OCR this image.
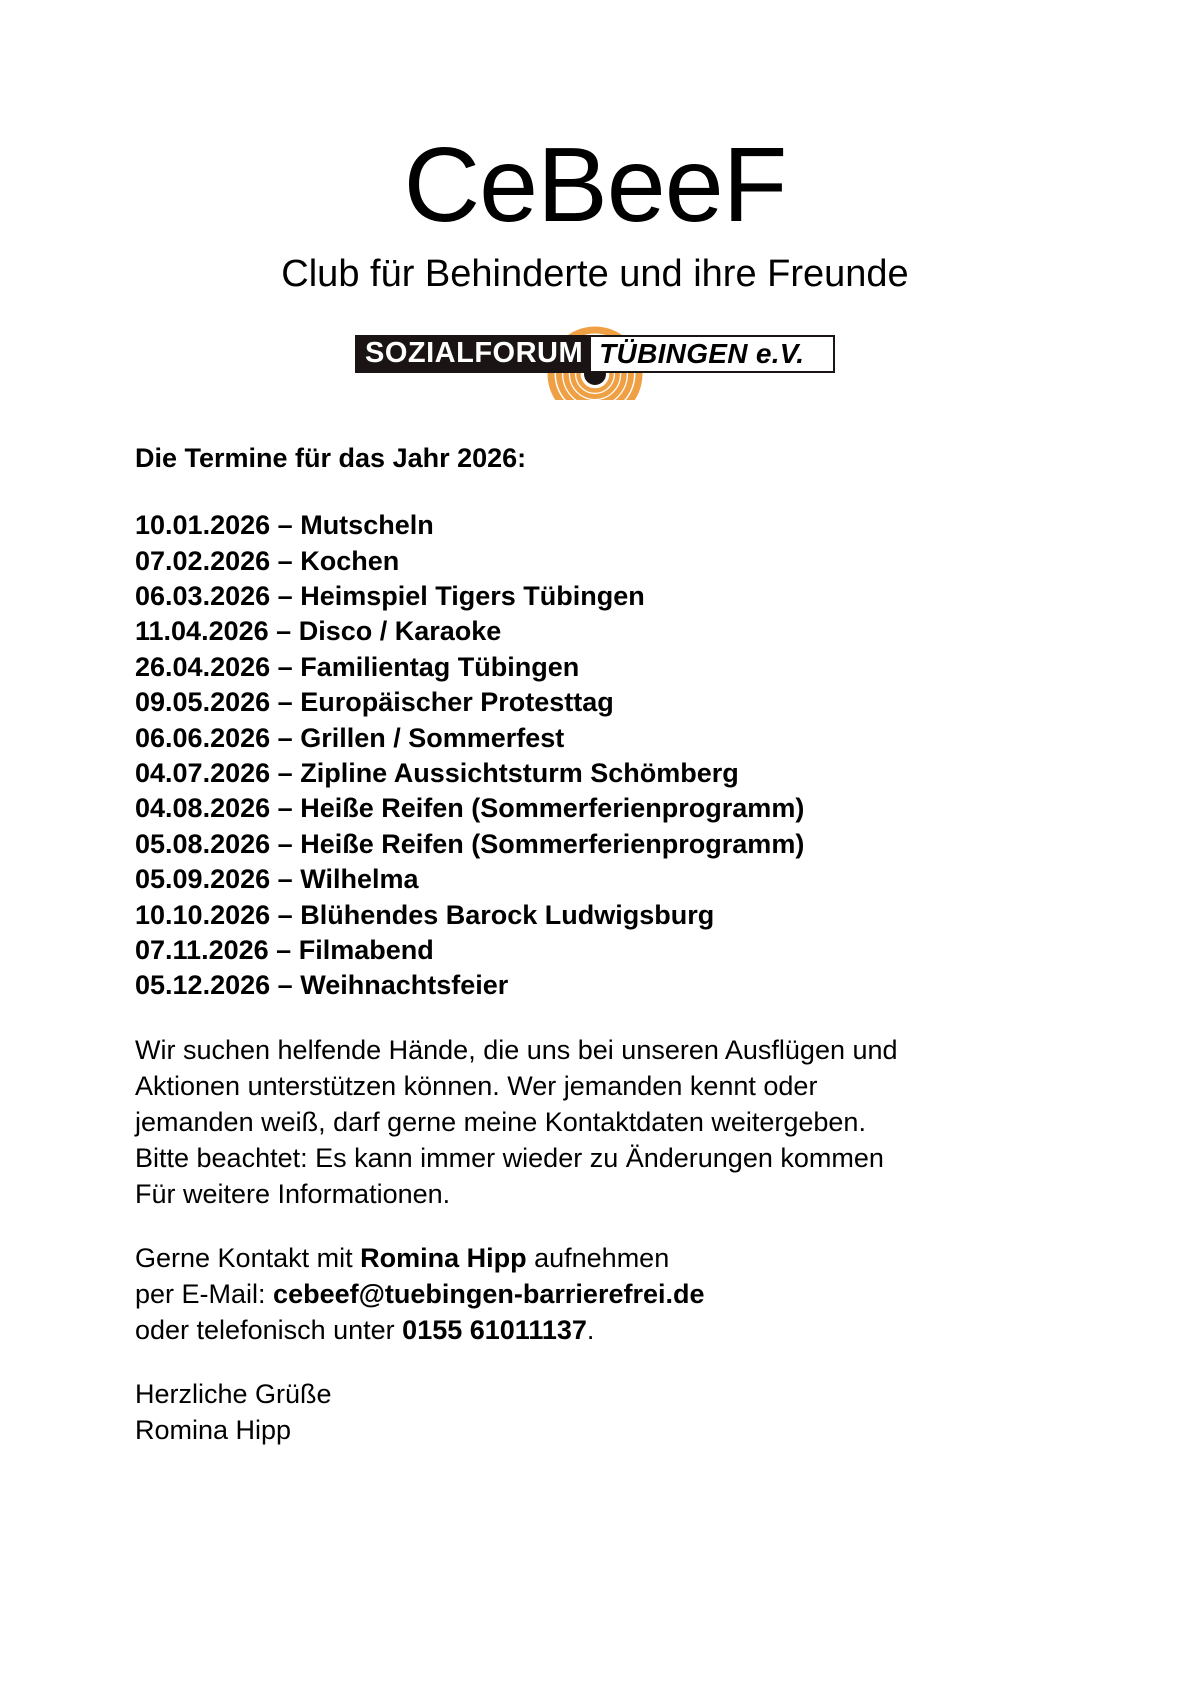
CeBeeF
Club für Behinderte und ihre Freunde
SOZIALFORUM TÜBINGEN e.V.
Die Termine für das Jahr 2026:
10.01.2026 – Mutscheln
07.02.2026 – Kochen
06.03.2026 – Heimspiel Tigers Tübingen
11.04.2026 – Disco / Karaoke
26.04.2026 – Familientag Tübingen
09.05.2026 – Europäischer Protesttag
06.06.2026 – Grillen / Sommerfest
04.07.2026 – Zipline Aussichtsturm Schömberg
04.08.2026 – Heiße Reifen (Sommerferienprogramm)
05.08.2026 – Heiße Reifen (Sommerferienprogramm)
05.09.2026 – Wilhelma
10.10.2026 – Blühendes Barock Ludwigsburg
07.11.2026 – Filmabend
05.12.2026 – Weihnachtsfeier

Wir suchen helfende Hände, die uns bei unseren Ausflügen und
Aktionen unterstützen können. Wer jemanden kennt oder
jemanden weiß, darf gerne meine Kontaktdaten weitergeben.
Bitte beachtet: Es kann immer wieder zu Änderungen kommen
Für weitere Informationen.

Gerne Kontakt mit Romina Hipp aufnehmen
per E-Mail: cebeef@tuebingen-barrierefrei.de
oder telefonisch unter 0155 61011137.

Herzliche Grüße
Romina Hipp
